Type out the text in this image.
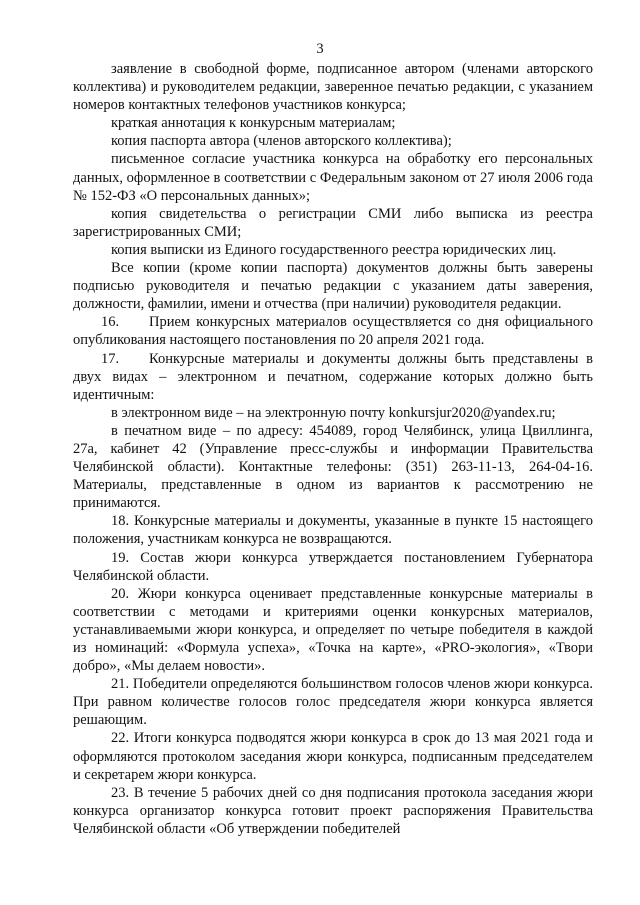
3

заявление в свободной форме, подписанное автором (членами авторского коллектива) и руководителем редакции, заверенное печатью редакции, с указанием номеров контактных телефонов участников конкурса;

краткая аннотация к конкурсным материалам;

копия паспорта автора (членов авторского коллектива);

письменное согласие участника конкурса на обработку его персональных данных, оформленное в соответствии с Федеральным законом от 27 июля 2006 года № 152-ФЗ «О персональных данных»;

копия свидетельства о регистрации СМИ либо выписка из реестра зарегистрированных СМИ;

копия выписки из Единого государственного реестра юридических лиц.

Все копии (кроме копии паспорта) документов должны быть заверены подписью руководителя и печатью редакции с указанием даты заверения, должности, фамилии, имени и отчества (при наличии) руководителя редакции.

16. Прием конкурсных материалов осуществляется со дня официального опубликования настоящего постановления по 20 апреля 2021 года.

17. Конкурсные материалы и документы должны быть представлены в двух видах – электронном и печатном, содержание которых должно быть идентичным:

в электронном виде – на электронную почту konkursjur2020@yandex.ru;

в печатном виде – по адресу: 454089, город Челябинск, улица Цвиллинга, 27а, кабинет 42 (Управление пресс-службы и информации Правительства Челябинской области). Контактные телефоны: (351) 263-11-13, 264-04-16. Материалы, представленные в одном из вариантов к рассмотрению не принимаются.

18. Конкурсные материалы и документы, указанные в пункте 15 настоящего положения, участникам конкурса не возвращаются.

19. Состав жюри конкурса утверждается постановлением Губернатора Челябинской области.

20. Жюри конкурса оценивает представленные конкурсные материалы в соответствии с методами и критериями оценки конкурсных материалов, устанавливаемыми жюри конкурса, и определяет по четыре победителя в каждой из номинаций: «Формула успеха», «Точка на карте», «PRO-экология», «Твори добро», «Мы делаем новости».

21. Победители определяются большинством голосов членов жюри конкурса. При равном количестве голосов голос председателя жюри конкурса является решающим.

22. Итоги конкурса подводятся жюри конкурса в срок до 13 мая 2021 года и оформляются протоколом заседания жюри конкурса, подписанным председателем и секретарем жюри конкурса.

23. В течение 5 рабочих дней со дня подписания протокола заседания жюри конкурса организатор конкурса готовит проект распоряжения Правительства Челябинской области «Об утверждении победителей
